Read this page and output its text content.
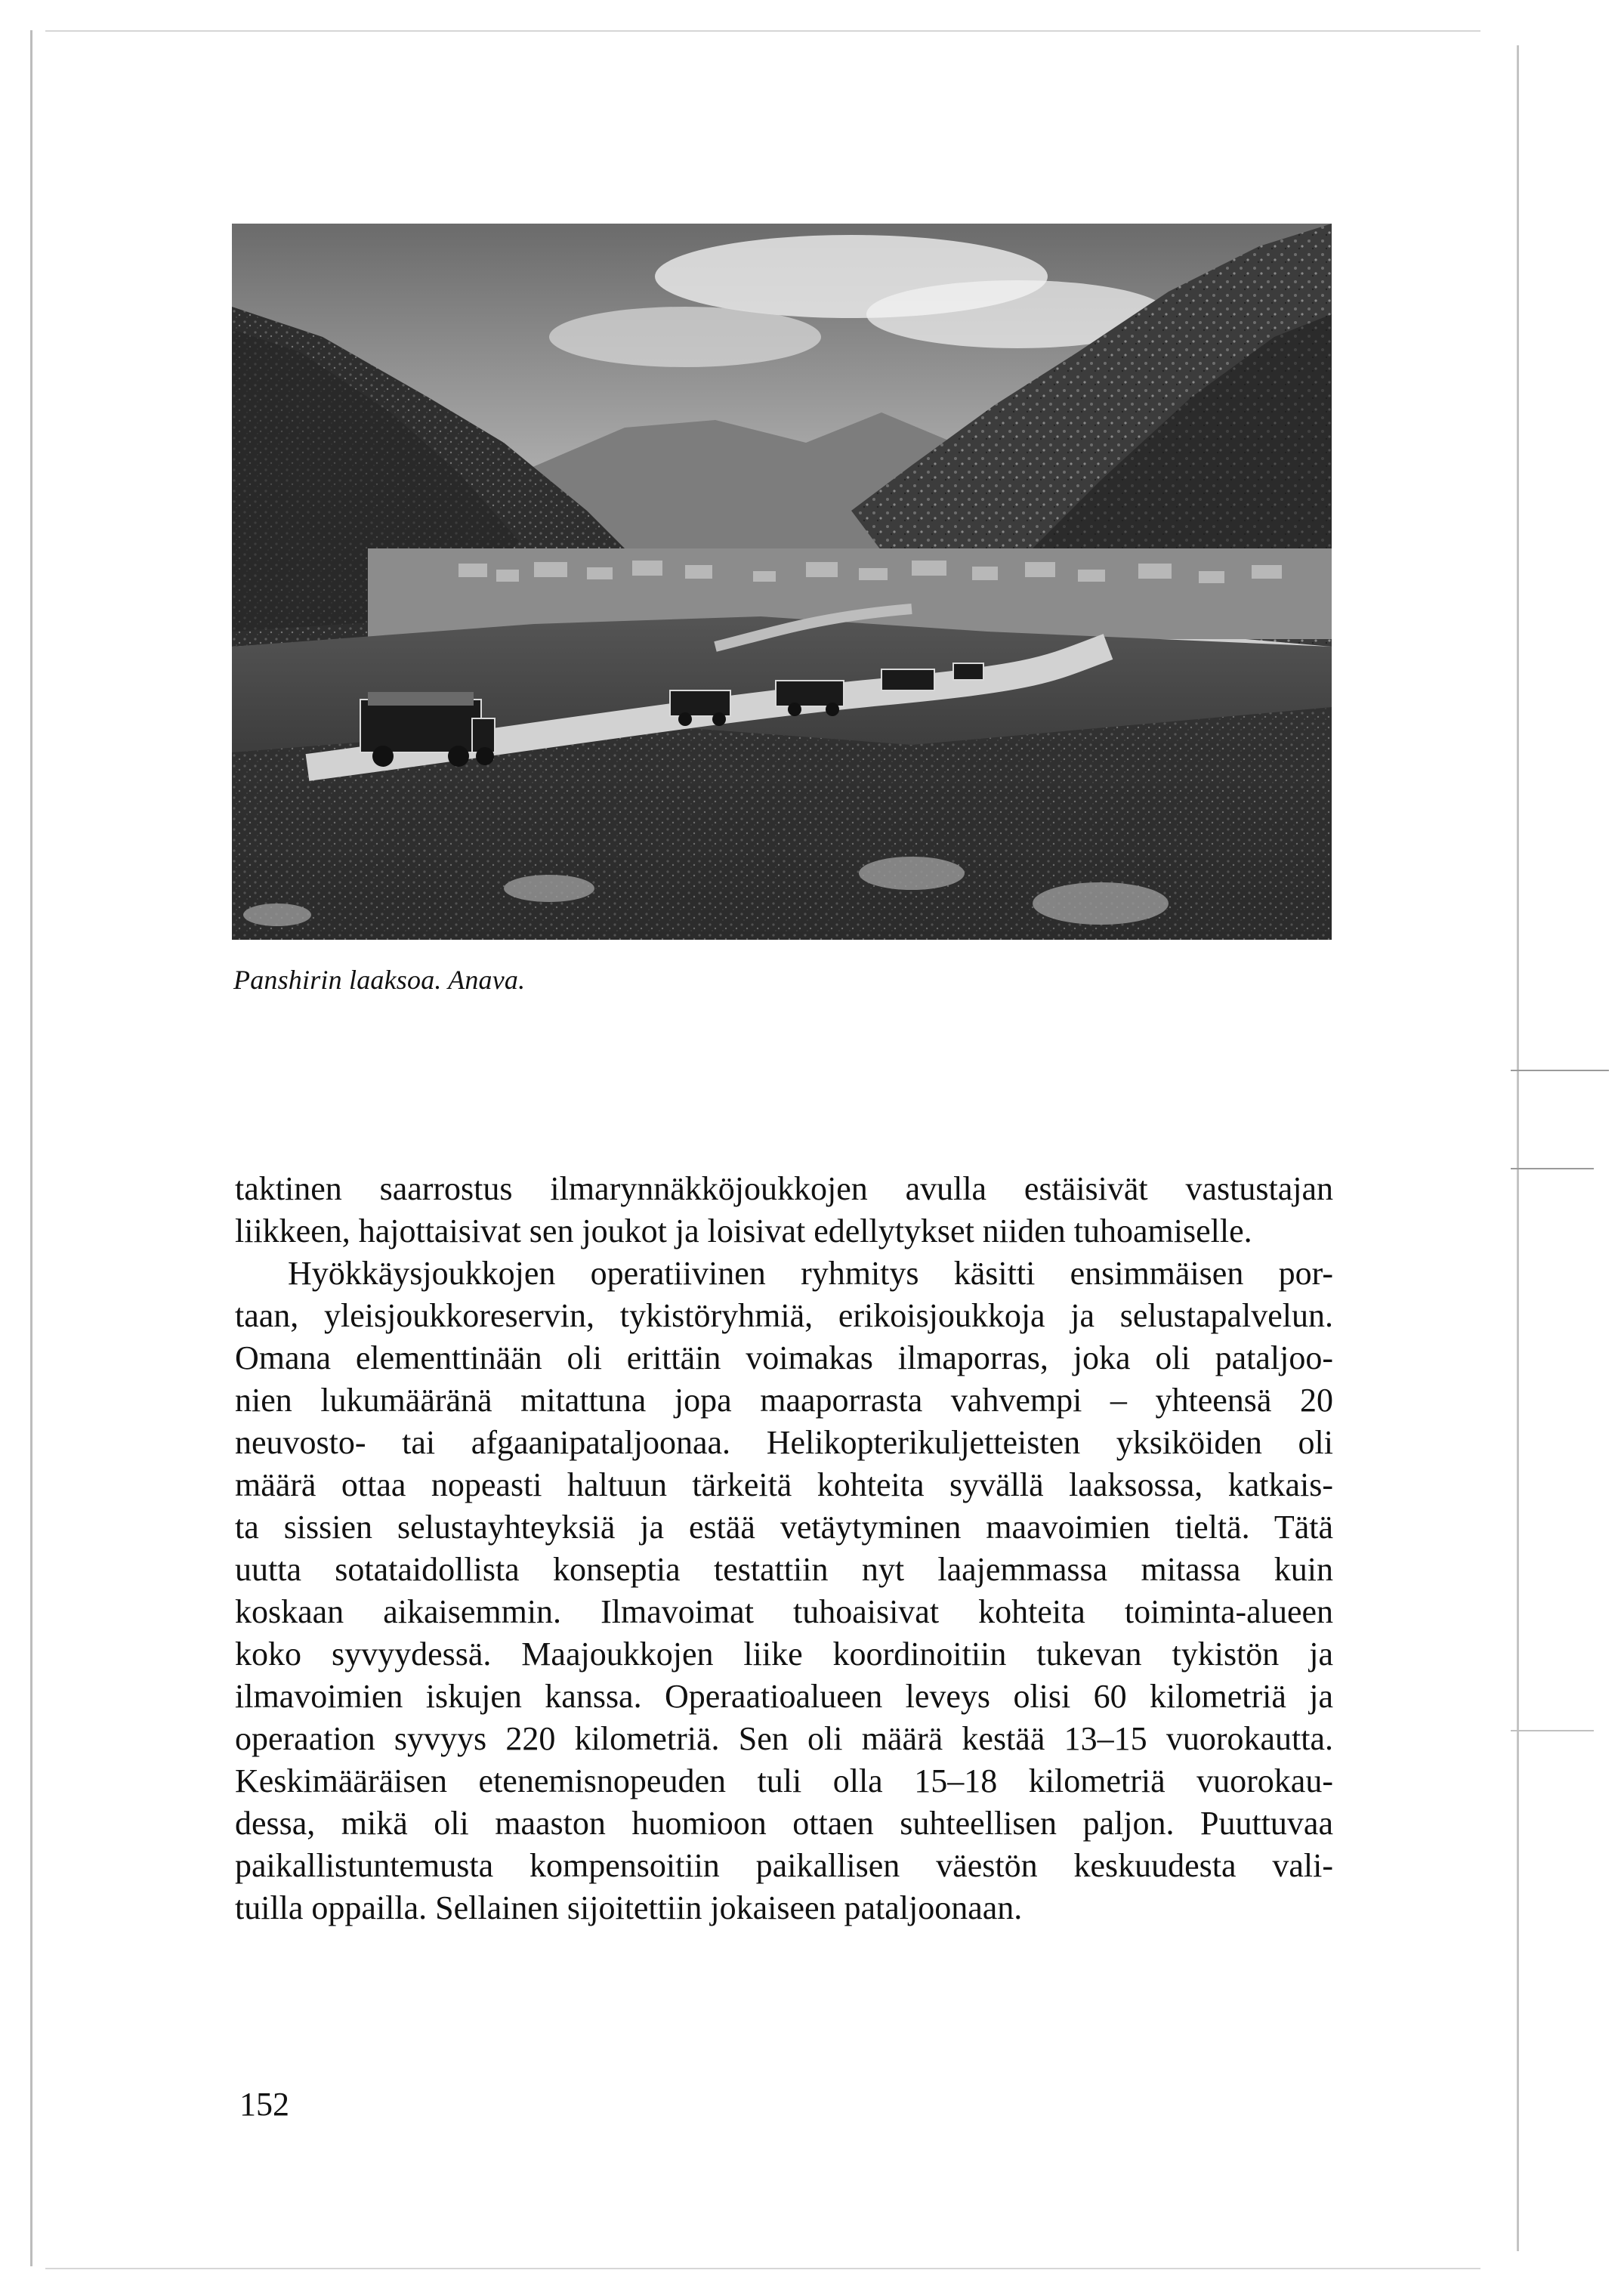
Panshirin laaksoa. Anava.
taktinen saarrostus ilmarynnäkköjoukkojen avulla estäisivät vastustajan
liikkeen, hajottaisivat sen joukot ja loisivat edellytykset niiden tuhoamiselle.
Hyökkäysjoukkojen operatiivinen ryhmitys käsitti ensimmäisen por-
taan, yleisjoukkoreservin, tykistöryhmiä, erikoisjoukkoja ja selustapalvelun.
Omana elementtinään oli erittäin voimakas ilmaporras, joka oli pataljoo-
nien lukumääränä mitattuna jopa maaporrasta vahvempi – yhteensä 20
neuvosto- tai afgaanipataljoonaa. Helikopterikuljetteisten yksiköiden oli
määrä ottaa nopeasti haltuun tärkeitä kohteita syvällä laaksossa, katkais-
ta sissien selustayhteyksiä ja estää vetäytyminen maavoimien tieltä. Tätä
uutta sotataidollista konseptia testattiin nyt laajemmassa mitassa kuin
koskaan aikaisemmin. Ilmavoimat tuhoaisivat kohteita toiminta-alueen
koko syvyydessä. Maajoukkojen liike koordinoitiin tukevan tykistön ja
ilmavoimien iskujen kanssa. Operaatioalueen leveys olisi 60 kilometriä ja
operaation syvyys 220 kilometriä. Sen oli määrä kestää 13–15 vuorokautta.
Keskimääräisen etenemisnopeuden tuli olla 15–18 kilometriä vuorokau-
dessa, mikä oli maaston huomioon ottaen suhteellisen paljon. Puuttuvaa
paikallistuntemusta kompensoitiin paikallisen väestön keskuudesta vali-
tuilla oppailla. Sellainen sijoitettiin jokaiseen pataljoonaan.
152
